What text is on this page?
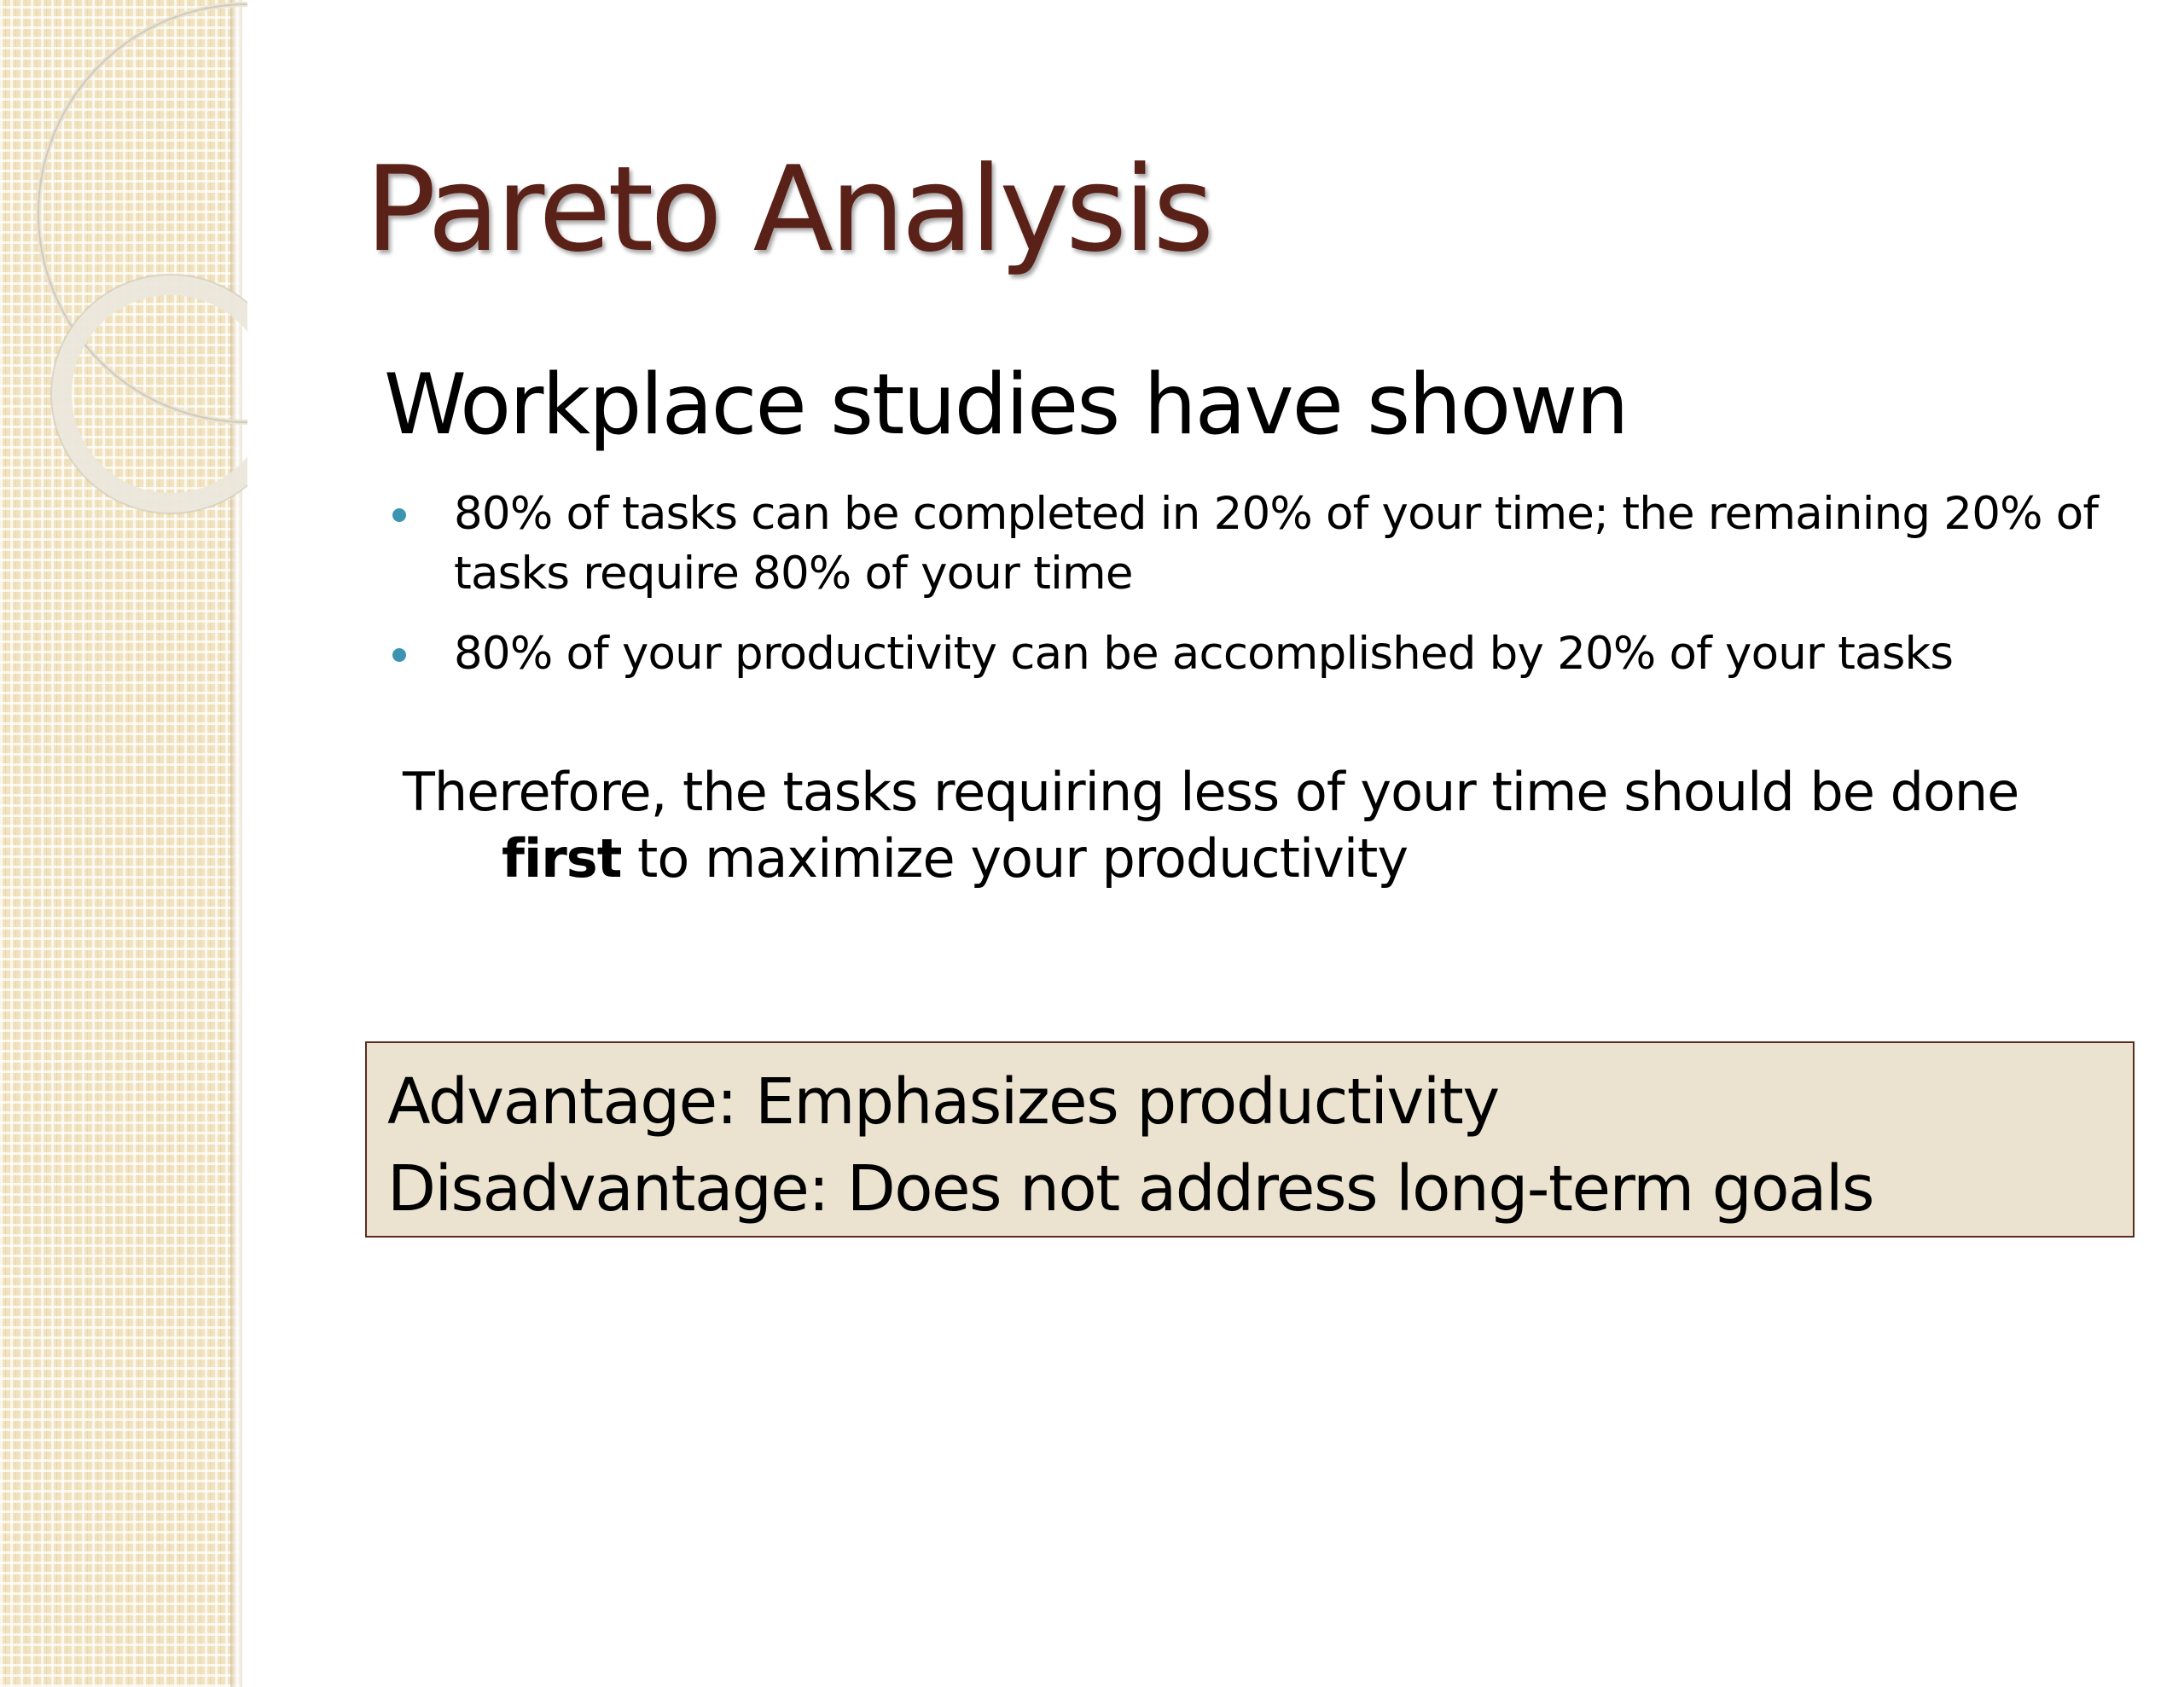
Pareto Analysis
Workplace studies have shown
80% of tasks can be completed in 20% of your time; the remaining 20% of tasks require 80% of your time
80% of your productivity can be accomplished by 20% of your tasks

Therefore, the tasks requiring less of your time should be done
first to maximize your productivity

Advantage: Emphasizes productivity
Disadvantage: Does not address long-term goals
